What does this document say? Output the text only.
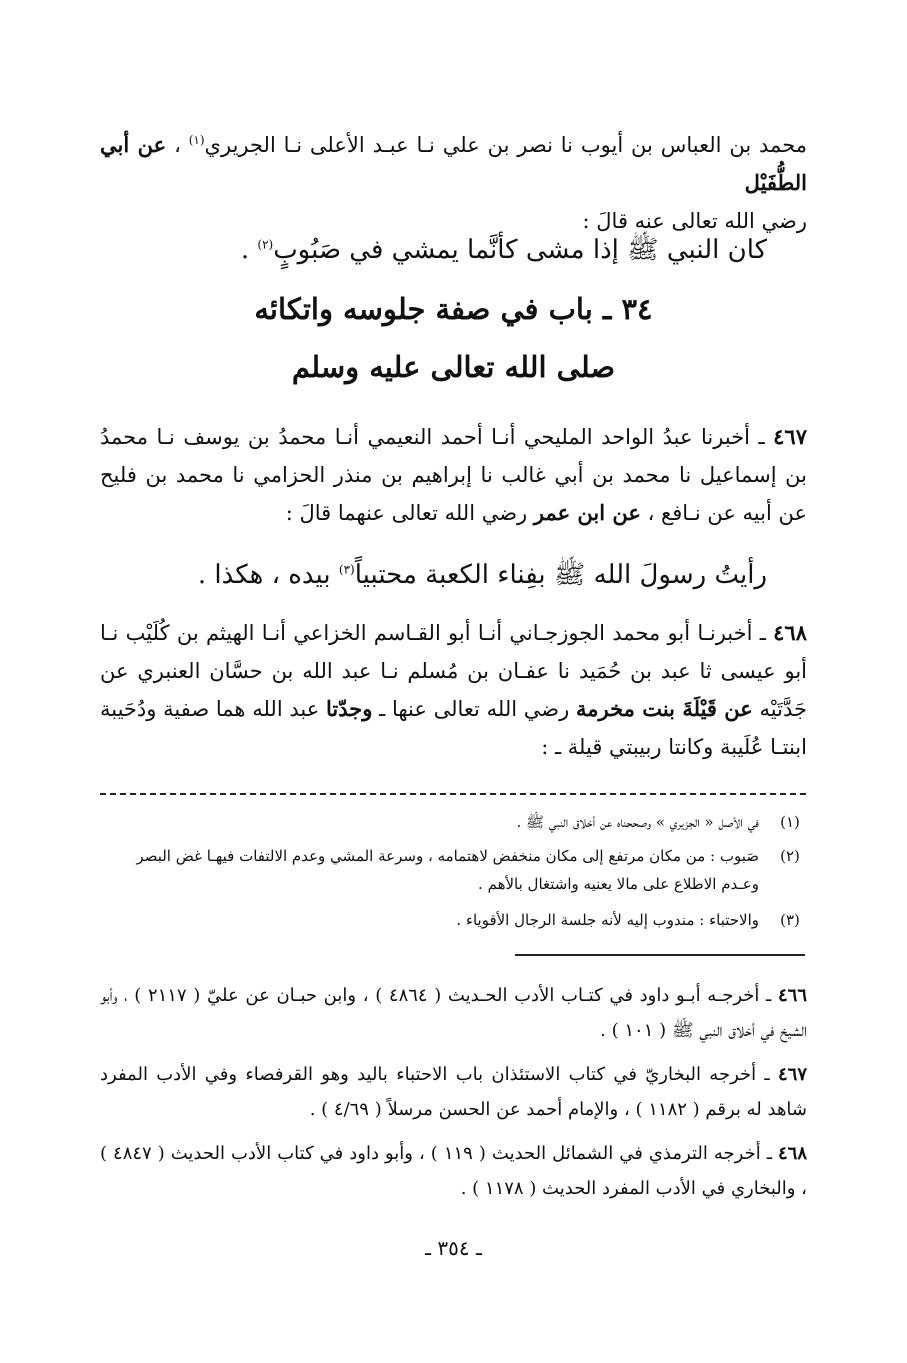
محمد بن العباس بن أيوب نا نصر بن علي نـا عبـد الأعلى نـا الجريري$^{(١)}$ ، عن أبي الطُّفَيْل
رضي الله تعالى عنه قالَ :

كان النبي ﷺ إذا مشى كأنَّما يمشي في صَبُوبٍ$^{(٢)}$ .

٣٤ ـ باب في صفة جلوسه واتكائه
صلى الله تعالى عليه وسلم

٤٦٧ ـ أخبرنا عبدُ الواحد المليحي أنـا أحمد النعيمي أنـا محمدُ بن يوسف نـا محمدُ بن إسماعيل نا محمد بن أبي غالب نا إبراهيم بن منذر الحزامي نا محمد بن فليح عن أبيه عن نـافع ، عن ابن عمر رضي الله تعالى عنهما قالَ :

رأيتُ رسولَ الله ﷺ بفِناء الكعبة محتبياً$^{(٣)}$ بيده ، هكذا .

٤٦٨ ـ أخبرنـا أبو محمد الجوزجـاني أنـا أبو القـاسم الخزاعي أنـا الهيثم بن كُلَيْب نـا أبو عيسى ثا عبد بن حُمَيد نا عفـان بن مُسلم نـا عبد الله بن حسَّان العنبري عن جَدَّتَيْه عن قَيْلَةَ بنت مخرمة رضي الله تعالى عنها ـ وجدّتا عبد الله هما صفية ودُحَيبة ابنتـا عُلَيبة وكانتا ربيبتي قيلة ـ :

(١)
في الأصل « الجزيري » وصححناه عن أخلاق النبي ﷺ .
(٢)
صَبوب : من مكان مرتفع إلى مكان منخفض لاهتمامه ، وسرعة المشي وعدم الالتفات فيهـا غض البصر وعـدم الاطلاع على مالا يعنيه واشتغال بالأهم .
(٣)
والاحتباء : مندوب إليه لأنه جلسة الرجال الأقوياء .

٤٦٦ ـ أخرجـه أبـو داود في كتـاب الأدب الحـديث ( ٤٨٦٤ ) ، وابن حبـان عن عليّ ( ٢١١٧ ) ، وأبو الشيخ في أخلاق النبي ﷺ ( ١٠١ ) .

٤٦٧ ـ أخرجه البخاريّ في كتاب الاستئذان باب الاحتباء باليد وهو القرفصاء وفي الأدب المفرد شاهد له برقم ( ١١٨٢ ) ، والإمام أحمد عن الحسن مرسلاً ( ٤/٦٩ ) .

٤٦٨ ـ أخرجه الترمذي في الشمائل الحديث ( ١١٩ ) ، وأبو داود في كتاب الأدب الحديث ( ٤٨٤٧ ) ، والبخاري في الأدب المفرد الحديث ( ١١٧٨ ) .

ـ ٣٥٤ ـ
